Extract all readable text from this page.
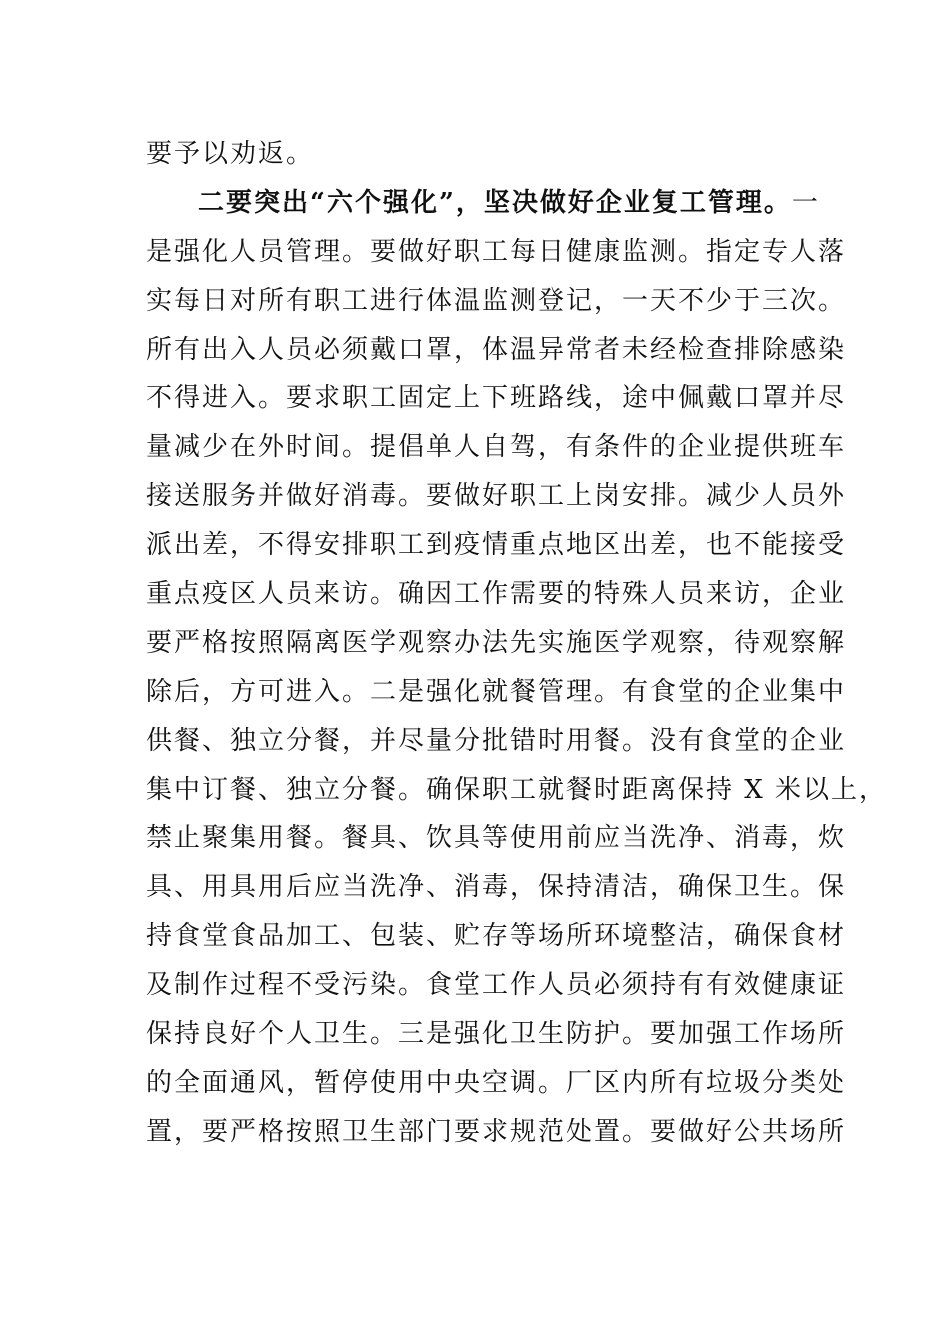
要予以劝返。
二要突出“六个强化”，坚决做好企业复工管理。一
是强化人员管理。要做好职工每日健康监测。指定专人落
实每日对所有职工进行体温监测登记，一天不少于三次。
所有出入人员必须戴口罩，体温异常者未经检查排除感染
不得进入。要求职工固定上下班路线，途中佩戴口罩并尽
量减少在外时间。提倡单人自驾，有条件的企业提供班车
接送服务并做好消毒。要做好职工上岗安排。减少人员外
派出差，不得安排职工到疫情重点地区出差，也不能接受
重点疫区人员来访。确因工作需要的特殊人员来访，企业
要严格按照隔离医学观察办法先实施医学观察，待观察解
除后，方可进入。二是强化就餐管理。有食堂的企业集中
供餐、独立分餐，并尽量分批错时用餐。没有食堂的企业
集中订餐、独立分餐。确保职工就餐时距离保持 X 米以上，
禁止聚集用餐。餐具、饮具等使用前应当洗净、消毒，炊
具、用具用后应当洗净、消毒，保持清洁，确保卫生。保
持食堂食品加工、包装、贮存等场所环境整洁，确保食材
及制作过程不受污染。食堂工作人员必须持有有效健康证
保持良好个人卫生。三是强化卫生防护。要加强工作场所
的全面通风，暂停使用中央空调。厂区内所有垃圾分类处
置，要严格按照卫生部门要求规范处置。要做好公共场所
